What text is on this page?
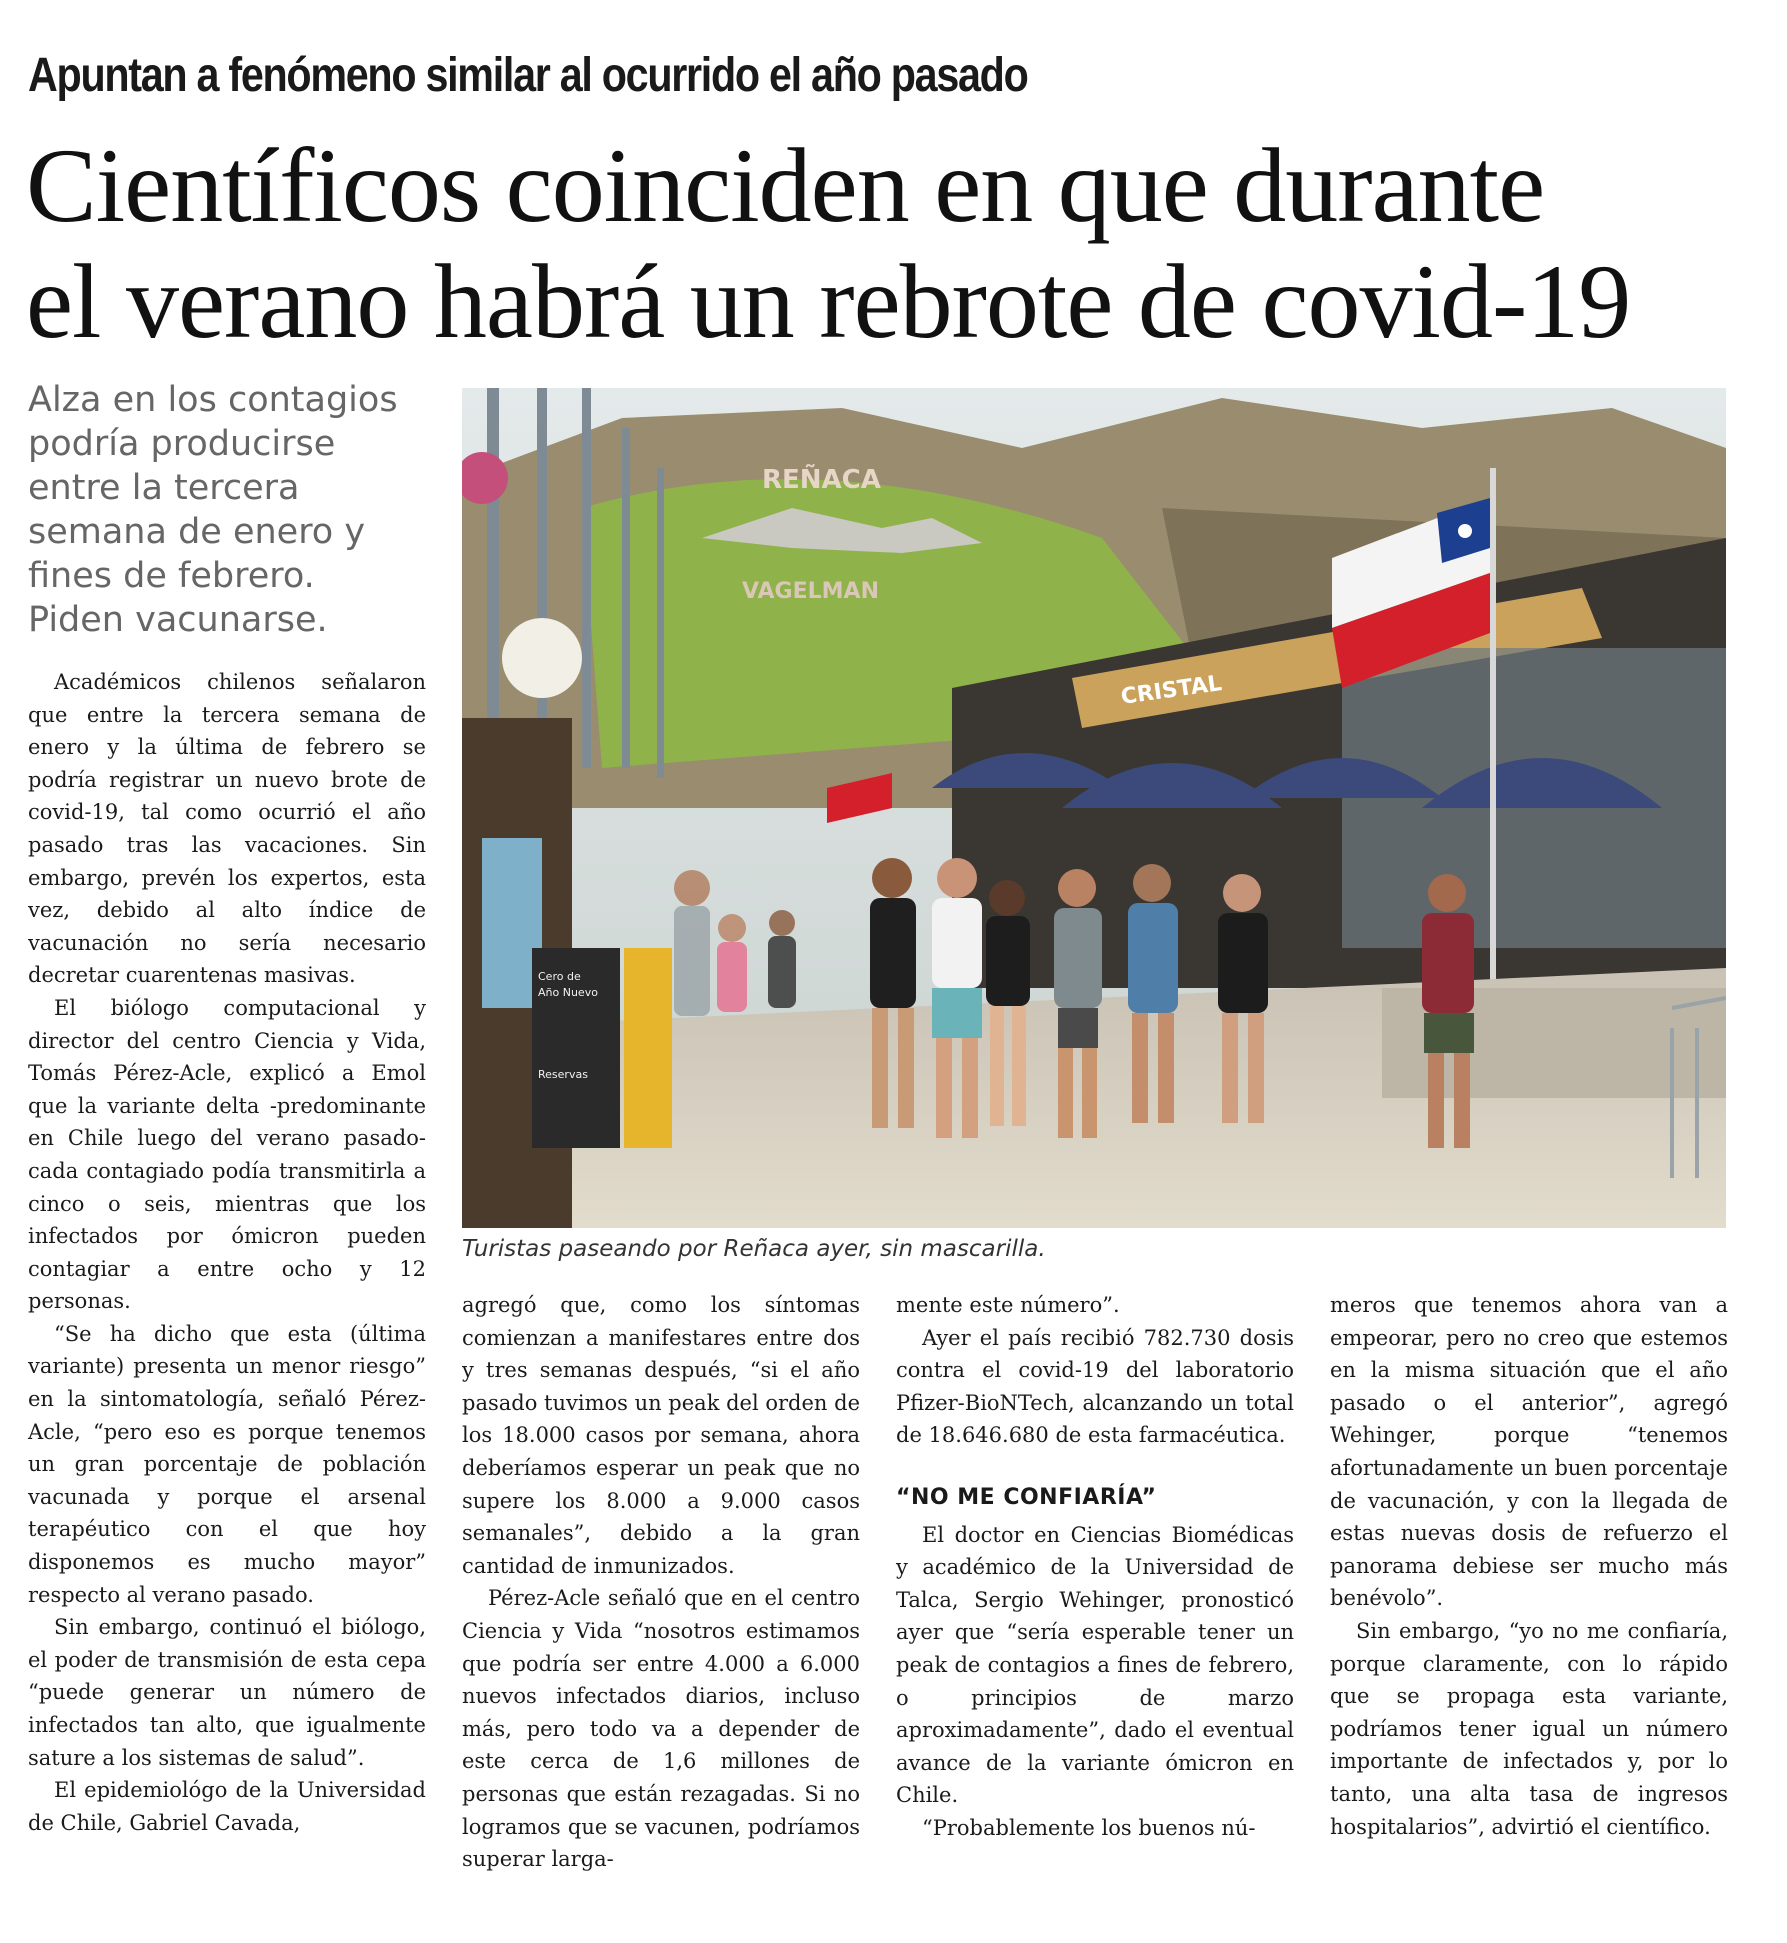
Apuntan a fenómeno similar al ocurrido el año pasado
Científicos coinciden en que durante
el verano habrá un rebrote de covid-19
Alza en los contagios
podría producirse
entre la tercera
semana de enero y
fines de febrero.
Piden vacunarse.
REÑACA
VAGELMAN
CRISTAL
Cero de
Año Nuevo
Reservas

Turistas paseando por Reñaca ayer, sin mascarilla.

Académicos chilenos señalaron que entre la tercera semana de enero y la última de febrero se podría registrar un nuevo brote de covid-19, tal como ocurrió el año pasado tras las vacaciones. Sin embargo, prevén los expertos, esta vez, debido al alto índice de vacunación no sería necesario decretar cuarentenas masivas.

El biólogo computacional y director del centro Ciencia y Vida, Tomás Pérez-Acle, explicó a Emol que la variante delta -predominante en Chile luego del verano pasado- cada contagiado podía transmitirla a cinco o seis, mientras que los infectados por ómicron pueden contagiar a entre ocho y 12 personas.

“Se ha dicho que esta (última variante) presenta un menor riesgo” en la sintomatología, señaló Pérez-Acle, “pero eso es porque tenemos un gran porcentaje de población vacunada y porque el arsenal terapéutico con el que hoy disponemos es mucho mayor” respecto al verano pasado.

Sin embargo, continuó el biólogo, el poder de transmisión de esta cepa “puede generar un número de infectados tan alto, que igualmente sature a los sistemas de salud”.

El epidemiológo de la Universidad de Chile, Gabriel Cavada,

agregó que, como los síntomas comienzan a manifestares entre dos y tres semanas después, “si el año pasado tuvimos un peak del orden de los 18.000 casos por semana, ahora deberíamos esperar un peak que no supere los 8.000 a 9.000 casos semanales”, debido a la gran cantidad de inmunizados.

Pérez-Acle señaló que en el centro Ciencia y Vida “nosotros estimamos que podría ser entre 4.000 a 6.000 nuevos infectados diarios, incluso más, pero todo va a depender de este cerca de 1,6 millones de personas que están rezagadas. Si no logramos que se vacunen, podríamos superar larga-

mente este número”.

Ayer el país recibió 782.730 dosis contra el covid-19 del laboratorio Pfizer-BioNTech, alcanzando un total de 18.646.680 de esta farmacéutica.

“NO ME CONFIARÍA”

El doctor en Ciencias Biomédicas y académico de la Universidad de Talca, Sergio Wehinger, pronosticó ayer que “sería esperable tener un peak de contagios a fines de febrero, o principios de marzo aproximadamente”, dado el eventual avance de la variante ómicron en Chile.

“Probablemente los buenos nú-

meros que tenemos ahora van a empeorar, pero no creo que estemos en la misma situación que el año pasado o el anterior”, agregó Wehinger, porque “tenemos afortunadamente un buen porcentaje de vacunación, y con la llegada de estas nuevas dosis de refuerzo el panorama debiese ser mucho más benévolo”.

Sin embargo, “yo no me confiaría, porque claramente, con lo rápido que se propaga esta variante, podríamos tener igual un número importante de infectados y, por lo tanto, una alta tasa de ingresos hospitalarios”, advirtió el científico.
